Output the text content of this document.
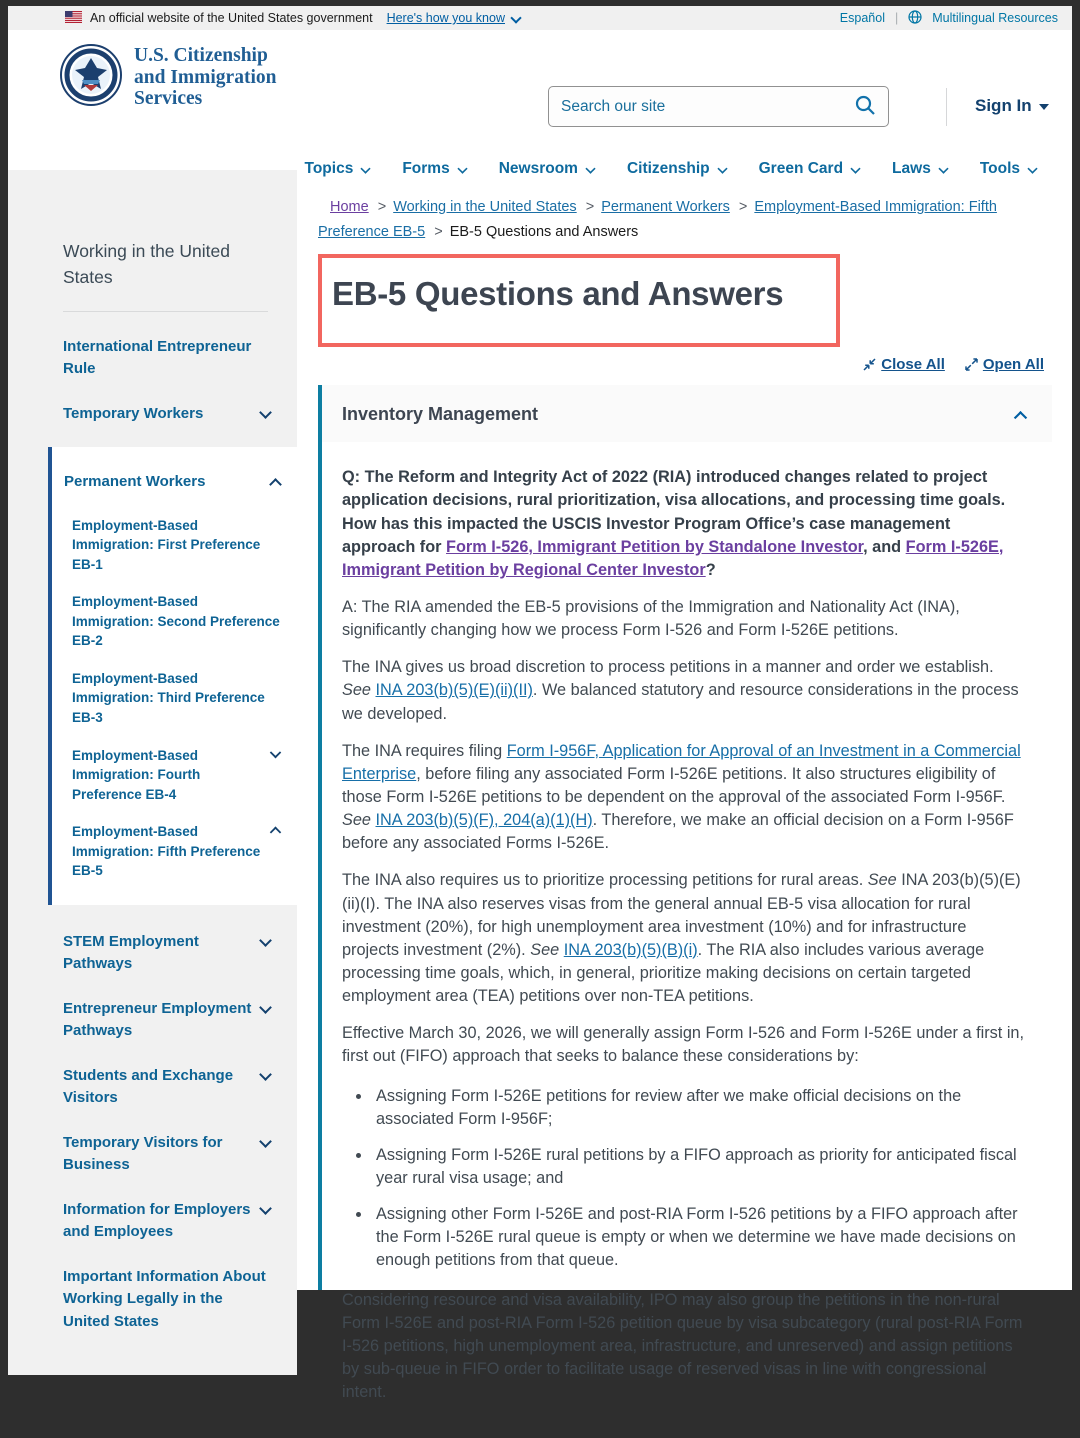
An official website of the United States government Here's how you know	Español |	Multilingual Resources
U.S. Citizenship
and Immigration
Services
Search our site	Sign In
Topics	Forms	Newsroom	Citizenship	Green Card	Laws	Tools
Working in the United States
International Entrepreneur Rule
Temporary Workers
Permanent Workers
Employment-Based Immigration: First Preference EB-1
Employment-Based Immigration: Second Preference EB-2
Employment-Based Immigration: Third Preference EB-3
Employment-Based Immigration: Fourth Preference EB-4
Employment-Based Immigration: Fifth Preference EB-5
STEM Employment Pathways
Entrepreneur Employment Pathways
Students and Exchange Visitors
Temporary Visitors for Business
Information for Employers and Employees
Important Information About Working Legally in the United States
Home > Working in the United States > Permanent Workers > Employment-Based Immigration: Fifth Preference EB-5 > EB-5 Questions and Answers
EB-5 Questions and Answers
Close All	Open All
Inventory Management

Q: The Reform and Integrity Act of 2022 (RIA) introduced changes related to project application decisions, rural prioritization, visa allocations, and processing time goals. How has this impacted the USCIS Investor Program Office’s case management approach for Form I-526, Immigrant Petition by Standalone Investor, and Form I-526E, Immigrant Petition by Regional Center Investor?

A: The RIA amended the EB-5 provisions of the Immigration and Nationality Act (INA), significantly changing how we process Form I-526 and Form I-526E petitions.

The INA gives us broad discretion to process petitions in a manner and order we establish. See INA 203(b)(5)(E)(ii)(II). We balanced statutory and resource considerations in the process we developed.

The INA requires filing Form I-956F, Application for Approval of an Investment in a Commercial Enterprise, before filing any associated Form I-526E petitions. It also structures eligibility of those Form I-526E petitions to be dependent on the approval of the associated Form I-956F. See INA 203(b)(5)(F), 204(a)(1)(H). Therefore, we make an official decision on a Form I-956F before any associated Forms I-526E.

The INA also requires us to prioritize processing petitions for rural areas. See INA 203(b)(5)(E)(ii)(I). The INA also reserves visas from the general annual EB-5 visa allocation for rural investment (20%), for high unemployment area investment (10%) and for infrastructure projects investment (2%). See INA 203(b)(5)(B)(i). The RIA also includes various average processing time goals, which, in general, prioritize making decisions on certain targeted employment area (TEA) petitions over non-TEA petitions.

Effective March 30, 2026, we will generally assign Form I-526 and Form I-526E under a first in, first out (FIFO) approach that seeks to balance these considerations by:

• Assigning Form I-526E petitions for review after we make official decisions on the associated Form I-956F;
• Assigning Form I-526E rural petitions by a FIFO approach as priority for anticipated fiscal year rural visa usage; and
• Assigning other Form I-526E and post-RIA Form I-526 petitions by a FIFO approach after the Form I-526E rural queue is empty or when we determine we have made decisions on enough petitions from that queue.

Considering resource and visa availability, IPO may also group the petitions in the non-rural Form I-526E and post-RIA Form I-526 petition queue by visa subcategory (rural post-RIA Form I-526 petitions, high unemployment area, infrastructure, and unreserved) and assign petitions by sub-queue in FIFO order to facilitate usage of reserved visas in line with congressional intent.
